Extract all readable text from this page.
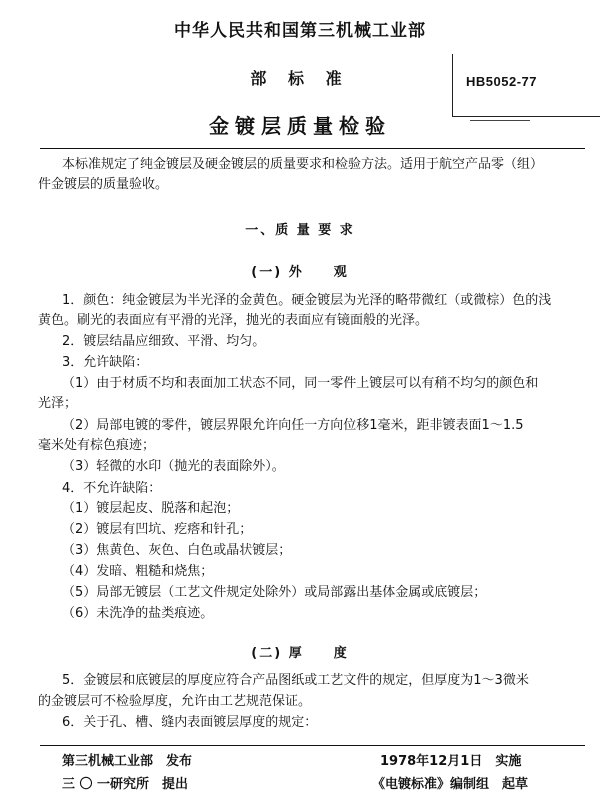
中华人民共和国第三机械工业部
部 标 准
金镀层质量检验
HB5052-77
本标准规定了纯金镀层及硬金镀层的质量要求和检验方法。适用于航空产品零（组）
件金镀层的质量验收。
一、质 量 要 求
(一) 外　　观
1．颜色：纯金镀层为半光泽的金黄色。硬金镀层为光泽的略带微红（或微棕）色的浅
黄色。刷光的表面应有平滑的光泽，抛光的表面应有镜面般的光泽。
2．镀层结晶应细致、平滑、均匀。
3．允许缺陷：
（1）由于材质不均和表面加工状态不同，同一零件上镀层可以有稍不均匀的颜色和
光泽；
（2）局部电镀的零件，镀层界限允许向任一方向位移1毫米，距非镀表面1～1.5
毫米处有棕色痕迹；
（3）轻微的水印（抛光的表面除外）。
4．不允许缺陷：
（1）镀层起皮、脱落和起泡；
（2）镀层有凹坑、疙瘩和针孔；
（3）焦黄色、灰色、白色或晶状镀层；
（4）发暗、粗糙和烧焦；
（5）局部无镀层（工艺文件规定处除外）或局部露出基体金属或底镀层；
（6）未洗净的盐类痕迹。
(二) 厚　　度
5．金镀层和底镀层的厚度应符合产品图纸或工艺文件的规定，但厚度为1～3微米
的金镀层可不检验厚度，允许由工艺规范保证。
6．关于孔、槽、缝内表面镀层厚度的规定：
第三机械工业部　发布	1978年12月1日　实施
三 〇 一研究所　提出	《电镀标准》编制组　起草
